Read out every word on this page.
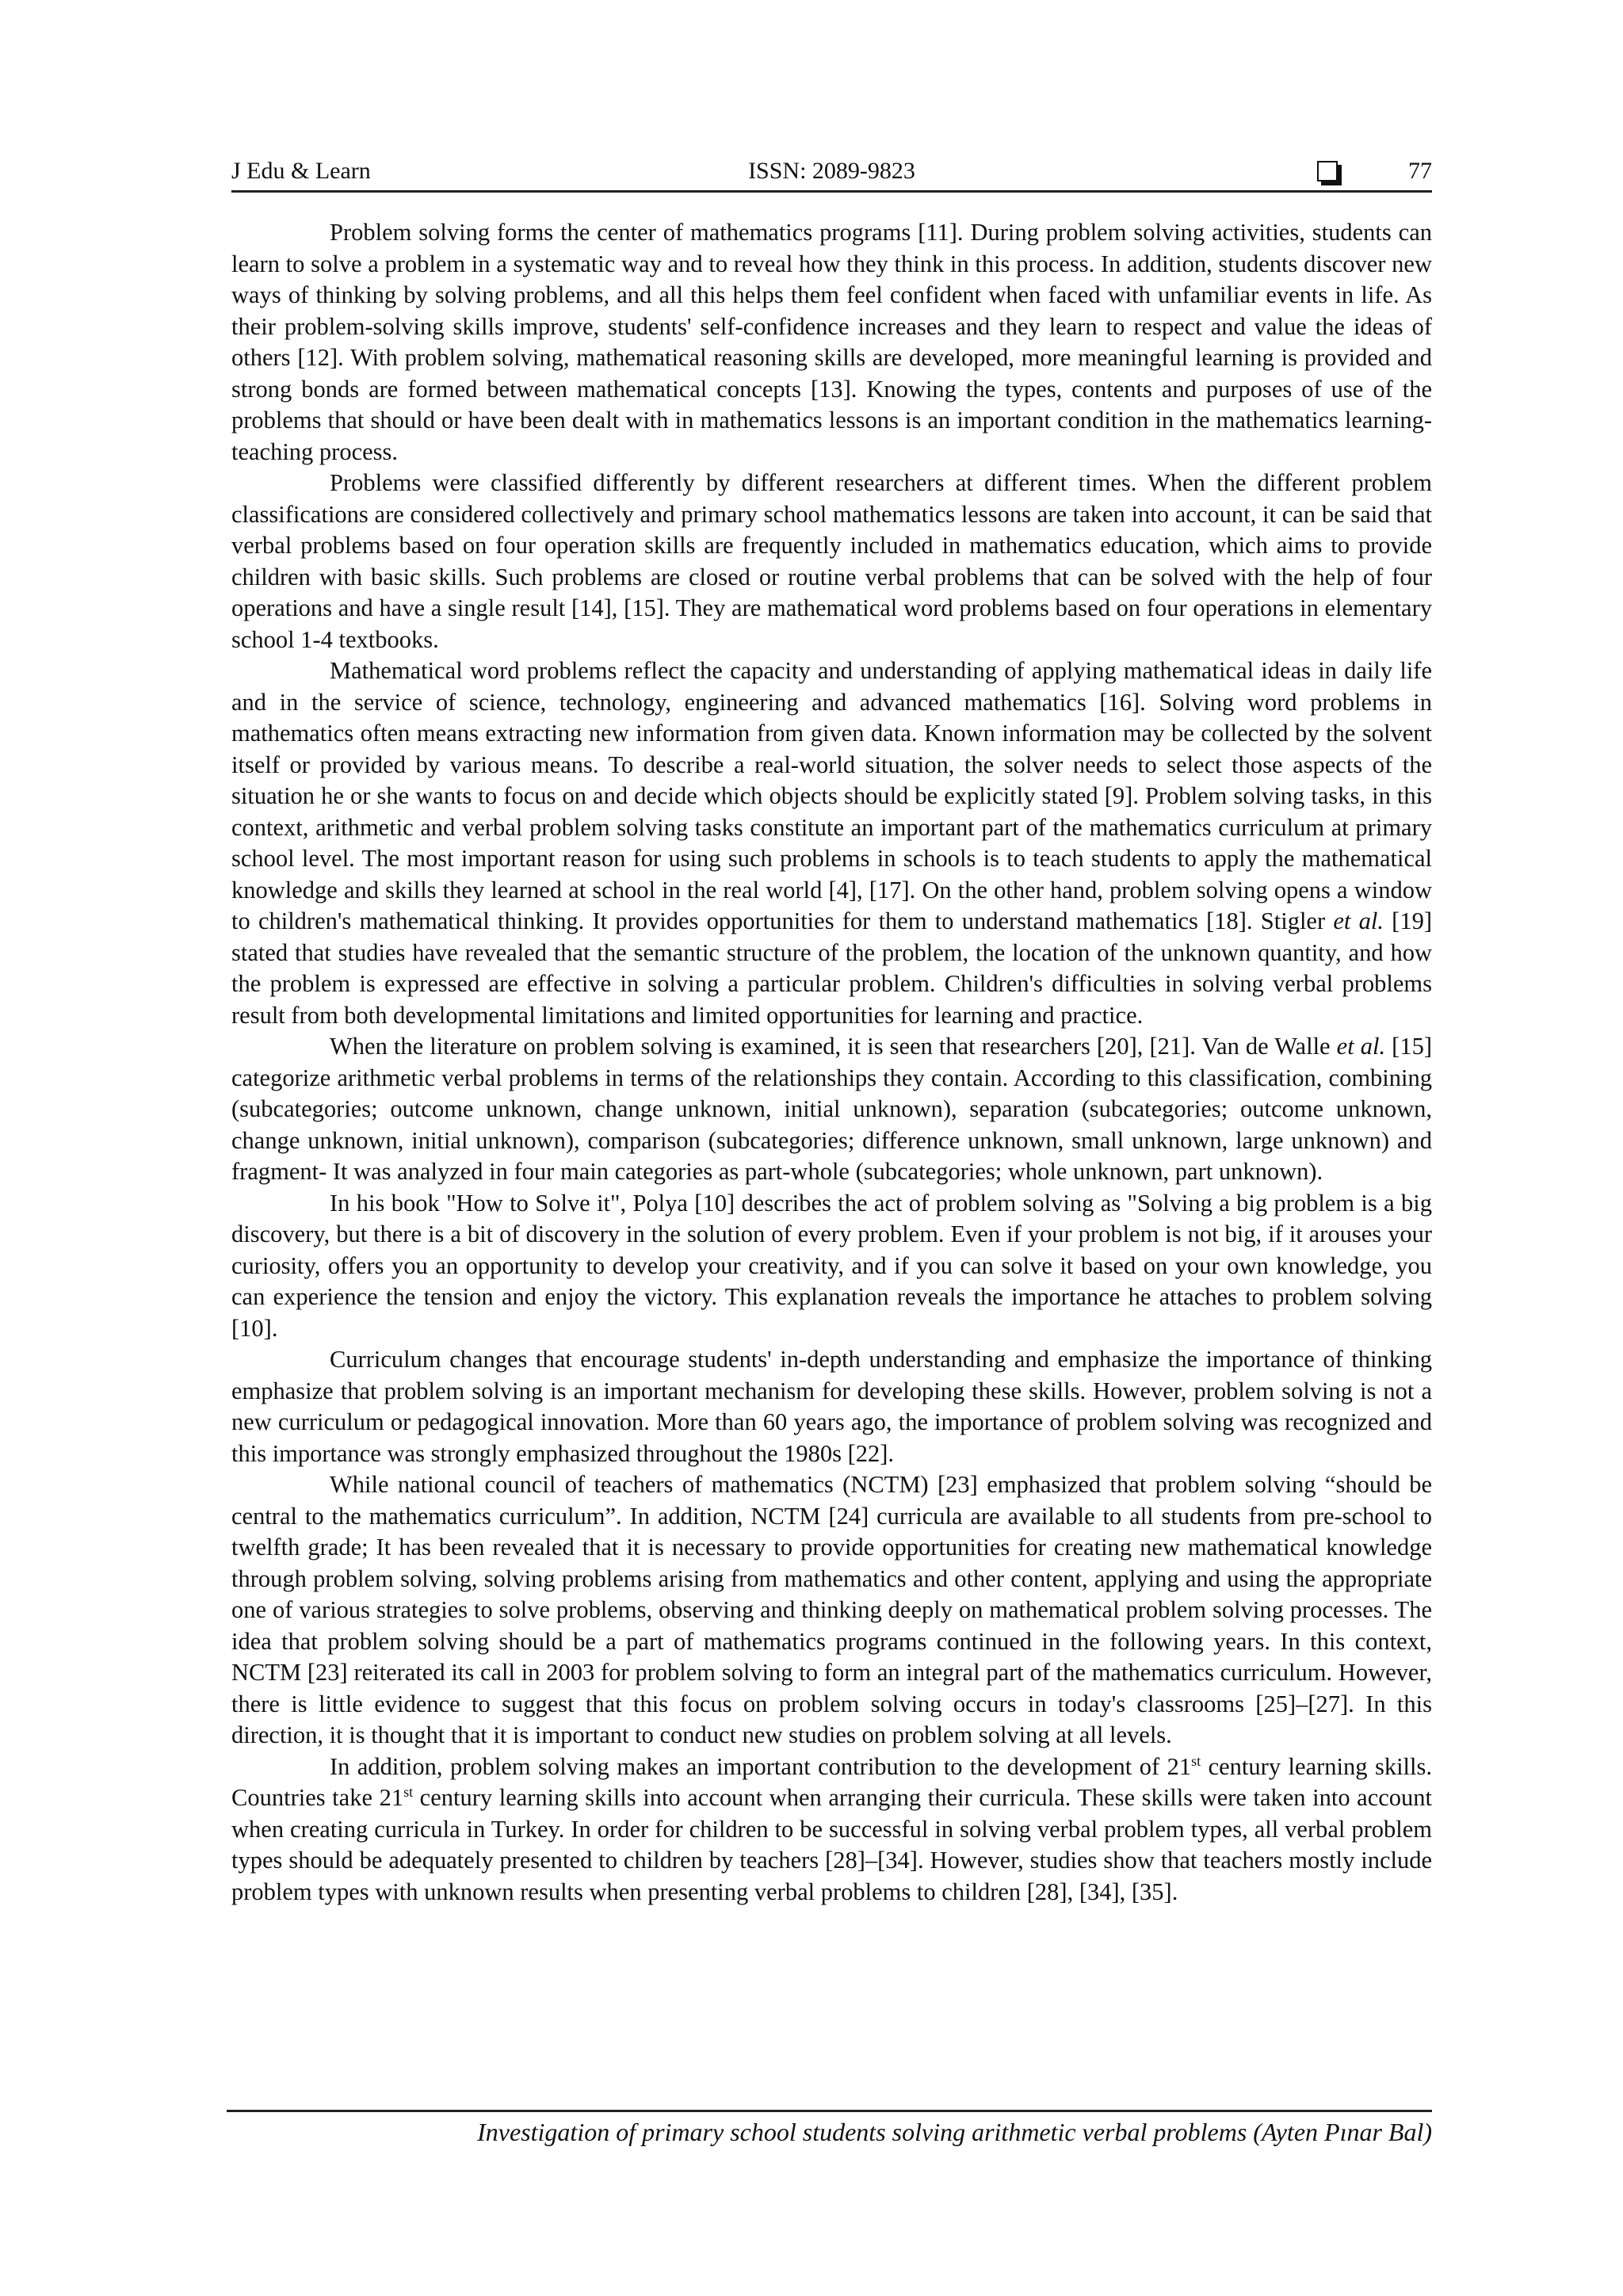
J Edu & Learn	ISSN: 2089-9823	77

Problem solving forms the center of mathematics programs [11]. During problem solving activities, students can learn to solve a problem in a systematic way and to reveal how they think in this process. In addition, students discover new ways of thinking by solving problems, and all this helps them feel confident when faced with unfamiliar events in life. As their problem-solving skills improve, students' self-confidence increases and they learn to respect and value the ideas of others [12]. With problem solving, mathematical reasoning skills are developed, more meaningful learning is provided and strong bonds are formed between mathematical concepts [13]. Knowing the types, contents and purposes of use of the problems that should or have been dealt with in mathematics lessons is an important condition in the mathematics learning-teaching process.

Problems were classified differently by different researchers at different times. When the different problem classifications are considered collectively and primary school mathematics lessons are taken into account, it can be said that verbal problems based on four operation skills are frequently included in mathematics education, which aims to provide children with basic skills. Such problems are closed or routine verbal problems that can be solved with the help of four operations and have a single result [14], [15]. They are mathematical word problems based on four operations in elementary school 1-4 textbooks.

Mathematical word problems reflect the capacity and understanding of applying mathematical ideas in daily life and in the service of science, technology, engineering and advanced mathematics [16]. Solving word problems in mathematics often means extracting new information from given data. Known information may be collected by the solvent itself or provided by various means. To describe a real-world situation, the solver needs to select those aspects of the situation he or she wants to focus on and decide which objects should be explicitly stated [9]. Problem solving tasks, in this context, arithmetic and verbal problem solving tasks constitute an important part of the mathematics curriculum at primary school level. The most important reason for using such problems in schools is to teach students to apply the mathematical knowledge and skills they learned at school in the real world [4], [17]. On the other hand, problem solving opens a window to children's mathematical thinking. It provides opportunities for them to understand mathematics [18]. Stigler et al. [19] stated that studies have revealed that the semantic structure of the problem, the location of the unknown quantity, and how the problem is expressed are effective in solving a particular problem. Children's difficulties in solving verbal problems result from both developmental limitations and limited opportunities for learning and practice.

When the literature on problem solving is examined, it is seen that researchers [20], [21]. Van de Walle et al. [15] categorize arithmetic verbal problems in terms of the relationships they contain. According to this classification, combining (subcategories; outcome unknown, change unknown, initial unknown), separation (subcategories; outcome unknown, change unknown, initial unknown), comparison (subcategories; difference unknown, small unknown, large unknown) and fragment- It was analyzed in four main categories as part-whole (subcategories; whole unknown, part unknown).

In his book "How to Solve it", Polya [10] describes the act of problem solving as "Solving a big problem is a big discovery, but there is a bit of discovery in the solution of every problem. Even if your problem is not big, if it arouses your curiosity, offers you an opportunity to develop your creativity, and if you can solve it based on your own knowledge, you can experience the tension and enjoy the victory. This explanation reveals the importance he attaches to problem solving [10].

Curriculum changes that encourage students' in-depth understanding and emphasize the importance of thinking emphasize that problem solving is an important mechanism for developing these skills. However, problem solving is not a new curriculum or pedagogical innovation. More than 60 years ago, the importance of problem solving was recognized and this importance was strongly emphasized throughout the 1980s [22].

While national council of teachers of mathematics (NCTM) [23] emphasized that problem solving “should be central to the mathematics curriculum”. In addition, NCTM [24] curricula are available to all students from pre-school to twelfth grade; It has been revealed that it is necessary to provide opportunities for creating new mathematical knowledge through problem solving, solving problems arising from mathematics and other content, applying and using the appropriate one of various strategies to solve problems, observing and thinking deeply on mathematical problem solving processes. The idea that problem solving should be a part of mathematics programs continued in the following years. In this context, NCTM [23] reiterated its call in 2003 for problem solving to form an integral part of the mathematics curriculum. However, there is little evidence to suggest that this focus on problem solving occurs in today's classrooms [25]–[27]. In this direction, it is thought that it is important to conduct new studies on problem solving at all levels.

In addition, problem solving makes an important contribution to the development of 21st century learning skills. Countries take 21st century learning skills into account when arranging their curricula. These skills were taken into account when creating curricula in Turkey. In order for children to be successful in solving verbal problem types, all verbal problem types should be adequately presented to children by teachers [28]–[34]. However, studies show that teachers mostly include problem types with unknown results when presenting verbal problems to children [28], [34], [35].

Investigation of primary school students solving arithmetic verbal problems (Ayten Pınar Bal)
